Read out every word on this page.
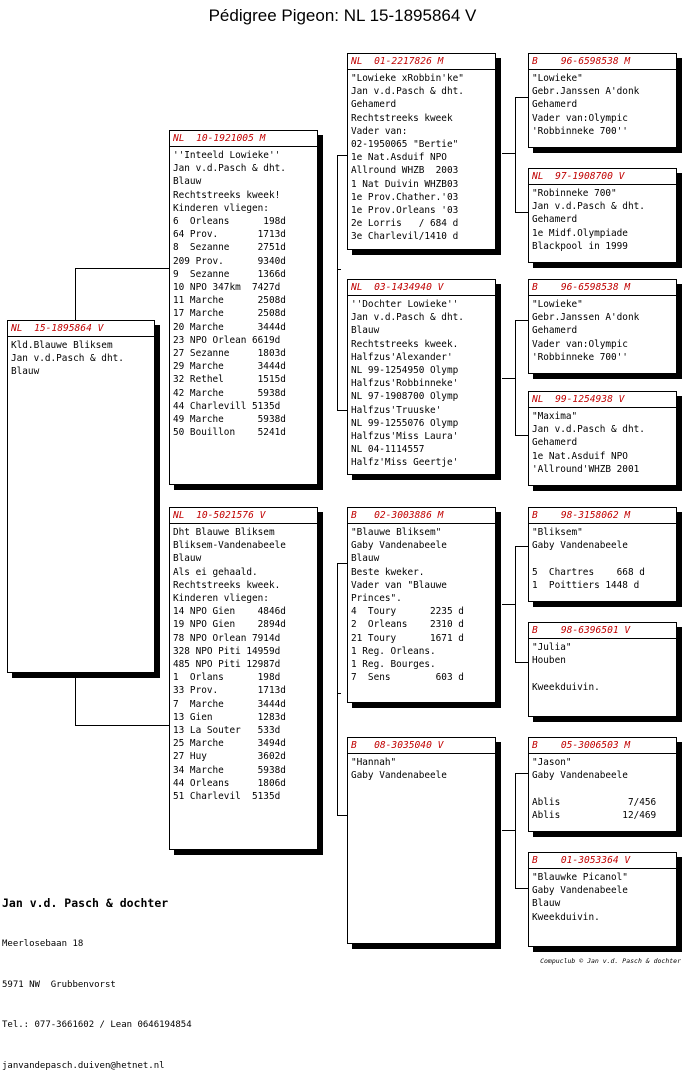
Pédigree Pigeon: NL 15-1895864 V
NL  15-1895864 V
Kld.Blauwe Bliksem
Jan v.d.Pasch & dht.
Blauw
NL  10-1921005 M
''Inteeld Lowieke''
Jan v.d.Pasch & dht.
Blauw
Rechtstreeks kweek!
Kinderen vliegen:
6  Orleans      198d
64 Prov.       1713d
8  Sezanne     2751d
209 Prov.      9340d
9  Sezanne     1366d
10 NPO 347km  7427d
11 Marche      2508d
17 Marche      2508d
20 Marche      3444d
23 NPO Orlean 6619d
27 Sezanne     1803d
29 Marche      3444d
32 Rethel      1515d
42 Marche      5938d
44 Charlevill 5135d
49 Marche      5938d
50 Bouillon    5241d
NL  10-5021576 V
Dht Blauwe Bliksem
Bliksem-Vandenabeele
Blauw
Als ei gehaald.
Rechtstreeks kweek.
Kinderen vliegen:
14 NPO Gien    4846d
19 NPO Gien    2894d
78 NPO Orlean 7914d
328 NPO Piti 14959d
485 NPO Piti 12987d
1  Orlans      198d
33 Prov.       1713d
7  Marche      3444d
13 Gien        1283d
13 La Souter   533d
25 Marche      3494d
27 Huy         3602d
34 Marche      5938d
44 Orleans     1806d
51 Charlevil  5135d
NL  01-2217826 M
"Lowieke xRobbin'ke"
Jan v.d.Pasch & dht.
Gehamerd
Rechtstreeks kweek
Vader van:
02-1950065 "Bertie"
1e Nat.Asduif NPO
Allround WHZB  2003
1 Nat Duivin WHZB03
1e Prov.Chather.'03
1e Prov.Orleans '03
2e Lorris   / 684 d
3e Charlevil/1410 d
NL  03-1434940 V
''Dochter Lowieke''
Jan v.d.Pasch & dht.
Blauw
Rechtstreeks kweek.
Halfzus'Alexander'
NL 99-1254950 Olymp
Halfzus'Robbinneke'
NL 97-1908700 Olymp
Halfzus'Truuske'
NL 99-1255076 Olymp
Halfzus'Miss Laura'
NL 04-1114557
Halfz'Miss Geertje'
B   02-3003886 M
"Blauwe Bliksem"
Gaby Vandenabeele
Blauw
Beste kweker.
Vader van "Blauwe
Princes".
4  Toury      2235 d
2  Orleans    2310 d
21 Toury      1671 d
1 Reg. Orleans.
1 Reg. Bourges.
7  Sens        603 d
B   08-3035040 V
"Hannah"
Gaby Vandenabeele
B    96-6598538 M
"Lowieke"
Gebr.Janssen A'donk
Gehamerd
Vader van:Olympic
'Robbinneke 700''
NL  97-1908700 V
"Robinneke 700"
Jan v.d.Pasch & dht.
Gehamerd
1e Midf.Olympiade
Blackpool in 1999
B    96-6598538 M
"Lowieke"
Gebr.Janssen A'donk
Gehamerd
Vader van:Olympic
'Robbinneke 700''
NL  99-1254938 V
"Maxima"
Jan v.d.Pasch & dht.
Gehamerd
1e Nat.Asduif NPO
'Allround'WHZB 2001
B    98-3158062 M
"Bliksem"
Gaby Vandenabeele

5  Chartres    668 d
1  Poittiers 1448 d
B    98-6396501 V
"Julia"
Houben

Kweekduivin.
B    05-3006503 M
"Jason"
Gaby Vandenabeele

Ablis            7/456
Ablis           12/469
B    01-3053364 V
"Blauwke Picanol"
Gaby Vandenabeele
Blauw
Kweekduivin.

Jan v.d. Pasch & dochter

Meerlosebaan 18

5971 NW  Grubbenvorst

Tel.: 077-3661602 / Lean 0646194854

janvandepasch.duiven@hetnet.nl

Compuclub © Jan v.d. Pasch & dochter
